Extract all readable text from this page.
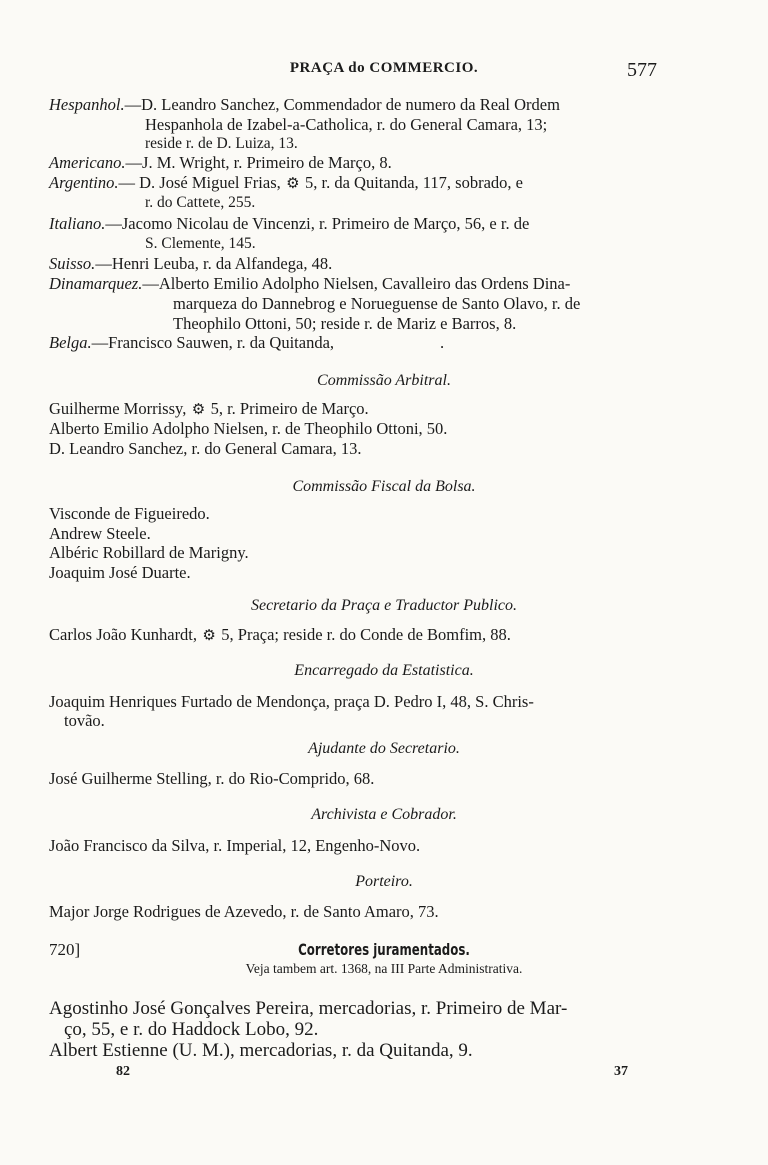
PRAÇA do COMMERCIO.	577
Hespanhol.—D. Leandro Sanchez, Commendador de numero da Real Ordem
Hespanhola de Izabel-a-Catholica, r. do General Camara, 13;
reside r. de D. Luiza, 13.
Americano.—J. M. Wright, r. Primeiro de Março, 8.
Argentino.— D. José Miguel Frias, ⚙ 5, r. da Quitanda, 117, sobrado, e
r. do Cattete, 255.
Italiano.—Jacomo Nicolau de Vincenzi, r. Primeiro de Março, 56, e r. de
S. Clemente, 145.
Suisso.—Henri Leuba, r. da Alfandega, 48.
Dinamarquez.—Alberto Emilio Adolpho Nielsen, Cavalleiro das Ordens Dina-
marqueza do Dannebrog e Norueguense de Santo Olavo, r. de
Theophilo Ottoni, 50; reside r. de Mariz e Barros, 8.
Belga.—Francisco Sauwen, r. da Quitanda,	.
Commissão Arbitral.
Guilherme Morrissy, ⚙ 5, r. Primeiro de Março.
Alberto Emilio Adolpho Nielsen, r. de Theophilo Ottoni, 50.
D. Leandro Sanchez, r. do General Camara, 13.
Commissão Fiscal da Bolsa.
Visconde de Figueiredo.
Andrew Steele.
Albéric Robillard de Marigny.
Joaquim José Duarte.
Secretario da Praça e Traductor Publico.
Carlos João Kunhardt, ⚙ 5, Praça; reside r. do Conde de Bomfim, 88.
Encarregado da Estatistica.
Joaquim Henriques Furtado de Mendonça, praça D. Pedro I, 48, S. Chris-
tovão.
Ajudante do Secretario.
José Guilherme Stelling, r. do Rio-Comprido, 68.
Archivista e Cobrador.
João Francisco da Silva, r. Imperial, 12, Engenho-Novo.
Porteiro.
Major Jorge Rodrigues de Azevedo, r. de Santo Amaro, 73.
720]	Corretores juramentados.
Veja tambem art. 1368, na III Parte Administrativa.
Agostinho José Gonçalves Pereira, mercadorias, r. Primeiro de Mar-
ço, 55, e r. do Haddock Lobo, 92.
Albert Estienne (U. M.), mercadorias, r. da Quitanda, 9.
82	37
